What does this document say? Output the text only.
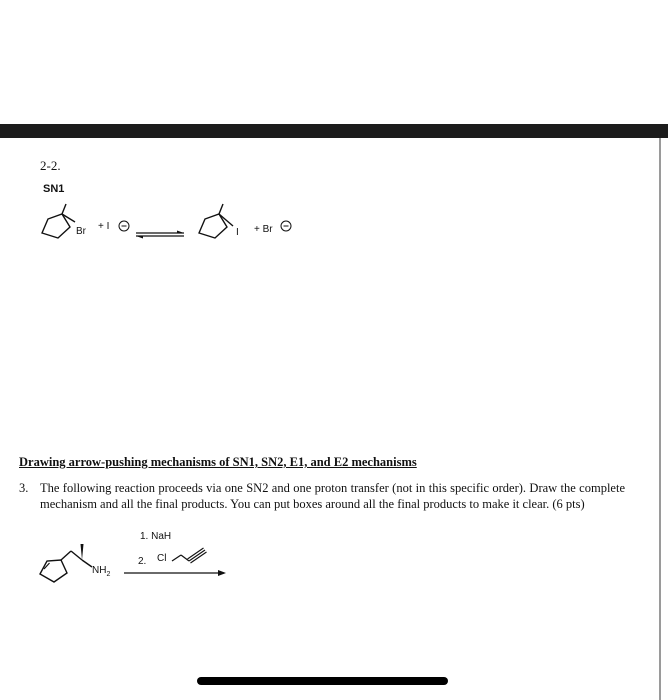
2-2.
SN1
Br + I
I + Br
Drawing arrow-pushing mechanisms of SN1, SN2, E1, and E2 mechanisms
3. The following reaction proceeds via one SN2 and one proton transfer (not in this specific order). Draw the complete mechanism and all the final products. You can put boxes around all the final products to make it clear. (6 pts)
1. NaH
2. Cl
$NH_2$
